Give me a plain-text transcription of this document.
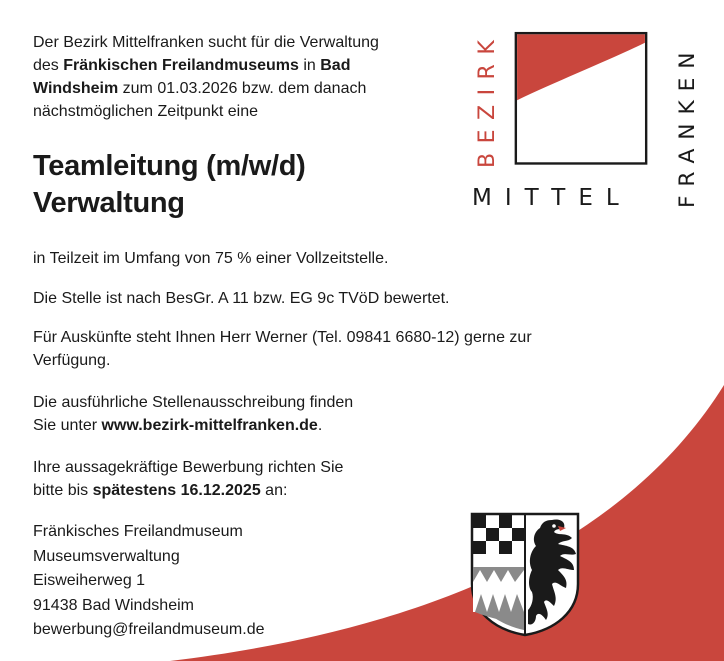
Der Bezirk Mittelfranken sucht für die Verwaltung
des Fränkischen Freilandmuseums in Bad
Windsheim zum 01.03.2026 bzw. dem danach
nächstmöglichen Zeitpunkt eine

Teamleitung (m/w/d)
Verwaltung

in Teilzeit im Umfang von 75 % einer Vollzeitstelle.

Die Stelle ist nach BesGr. A 11 bzw. EG 9c TVöD bewertet.

Für Auskünfte steht Ihnen Herr Werner (Tel. 09841 6680-12) gerne zur
Verfügung.

Die ausführliche Stellenausschreibung finden
Sie unter www.bezirk-mittelfranken.de.

Ihre aussagekräftige Bewerbung richten Sie
bitte bis spätestens 16.12.2025 an:

Fränkisches Freilandmuseum
Museumsverwaltung
Eisweiherweg 1
91438 Bad Windsheim
bewerbung@freilandmuseum.de

BEZIRK	FRANKEN
MITTEL
